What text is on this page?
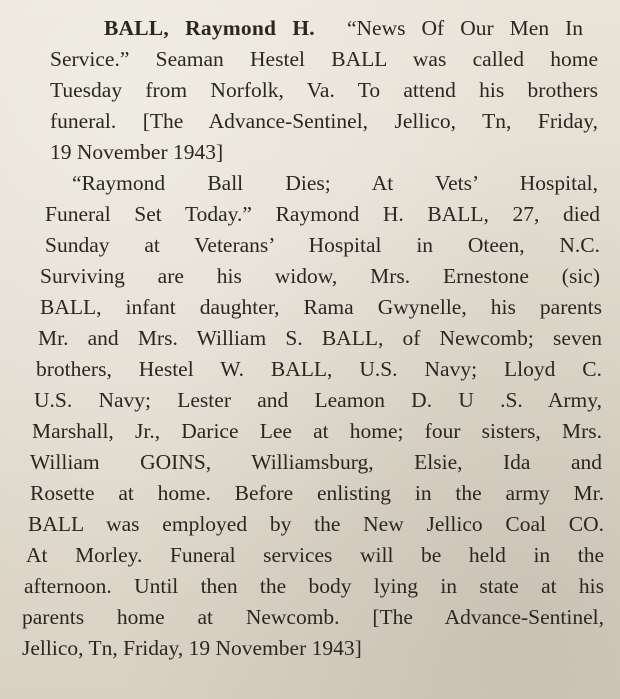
BALL, Raymond H. “News Of Our Men In
Service.” Seaman Hestel BALL was called home
Tuesday from Norfolk, Va. To attend his brothers
funeral. [The Advance-Sentinel, Jellico, Tn, Friday,
19 November 1943]
“Raymond Ball Dies; At Vets’ Hospital,
Funeral Set Today.” Raymond H. BALL, 27, died
Sunday at Veterans’ Hospital in Oteen, N.C.
Surviving are his widow, Mrs. Ernestone (sic)
BALL, infant daughter, Rama Gwynelle, his parents
Mr. and Mrs. William S. BALL, of Newcomb; seven
brothers, Hestel W. BALL, U.S. Navy; Lloyd C.
U.S. Navy; Lester and Leamon D. U .S. Army,
Marshall, Jr., Darice Lee at home; four sisters, Mrs.
William GOINS, Williamsburg, Elsie, Ida and
Rosette at home. Before enlisting in the army Mr.
BALL was employed by the New Jellico Coal CO.
At Morley. Funeral services will be held in the
afternoon. Until then the body lying in state at his
parents home at Newcomb. [The Advance-Sentinel,
Jellico, Tn, Friday, 19 November 1943]
